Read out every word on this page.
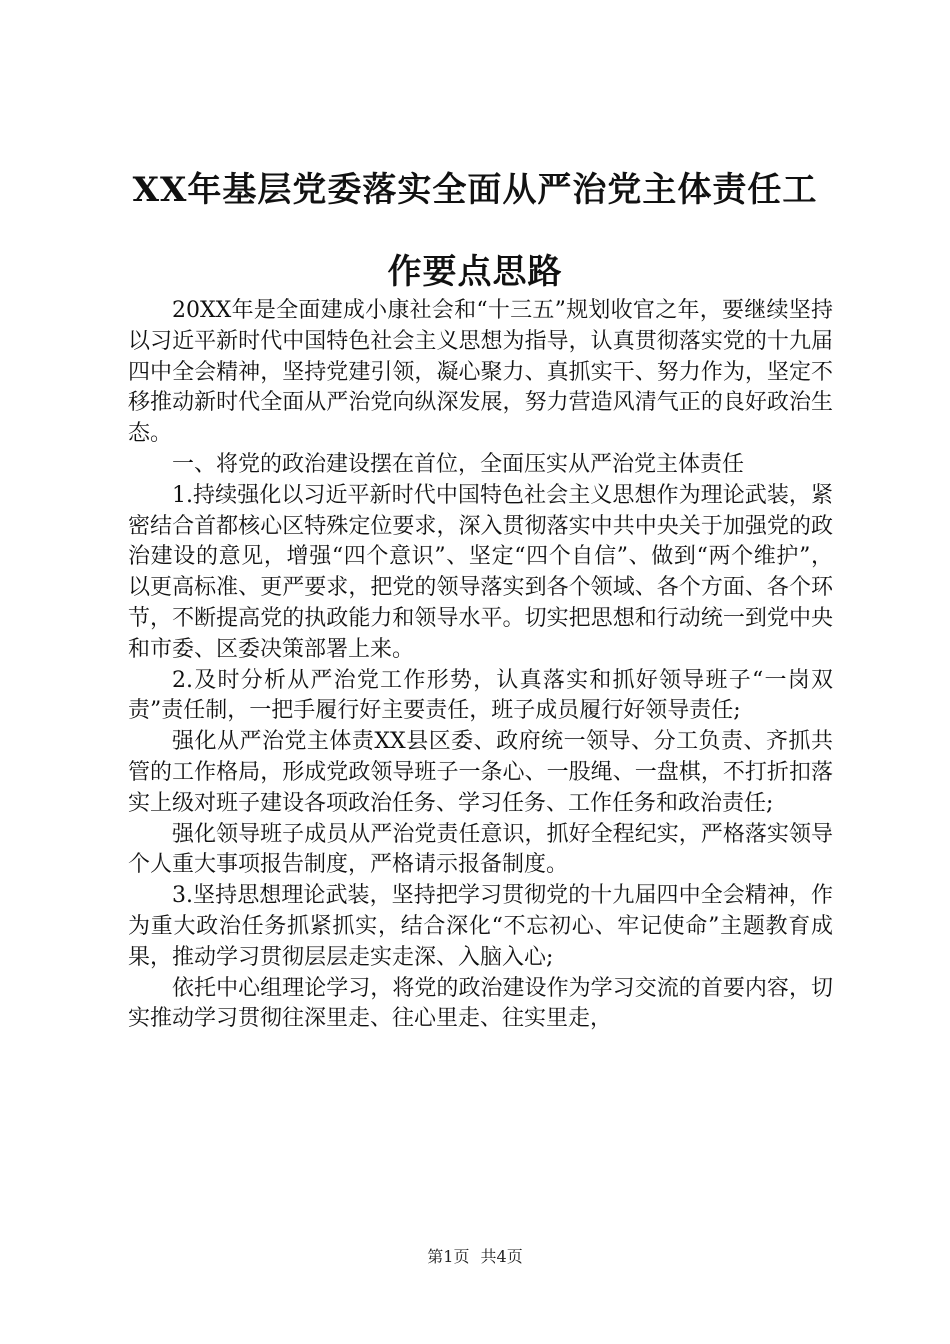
XX年基层党委落实全面从严治党主体责任工
作要点思路

20XX年是全面建成小康社会和“十三五”规划收官之年，要继续坚持以习近平新时代中国特色社会主义思想为指导，认真贯彻落实党的十九届四中全会精神，坚持党建引领，凝心聚力、真抓实干、努力作为，坚定不移推动新时代全面从严治党向纵深发展，努力营造风清气正的良好政治生态。

一、将党的政治建设摆在首位，全面压实从严治党主体责任

1.持续强化以习近平新时代中国特色社会主义思想作为理论武装，紧密结合首都核心区特殊定位要求，深入贯彻落实中共中央关于加强党的政治建设的意见，增强“四个意识”、坚定“四个自信”、做到“两个维护”，以更高标准、更严要求，把党的领导落实到各个领域、各个方面、各个环节，不断提高党的执政能力和领导水平。切实把思想和行动统一到党中央和市委、区委决策部署上来。

2.及时分析从严治党工作形势，认真落实和抓好领导班子“一岗双责”责任制，一把手履行好主要责任，班子成员履行好领导责任;

强化从严治党主体责XX县区委、政府统一领导、分工负责、齐抓共管的工作格局，形成党政领导班子一条心、一股绳、一盘棋，不打折扣落实上级对班子建设各项政治任务、学习任务、工作任务和政治责任;

强化领导班子成员从严治党责任意识，抓好全程纪实，严格落实领导个人重大事项报告制度，严格请示报备制度。

3.坚持思想理论武装，坚持把学习贯彻党的十九届四中全会精神，作为重大政治任务抓紧抓实，结合深化“不忘初心、牢记使命”主题教育成果，推动学习贯彻层层走实走深、入脑入心;

依托中心组理论学习，将党的政治建设作为学习交流的首要内容，切实推动学习贯彻往深里走、往心里走、往实里走，

第1页 共4页
